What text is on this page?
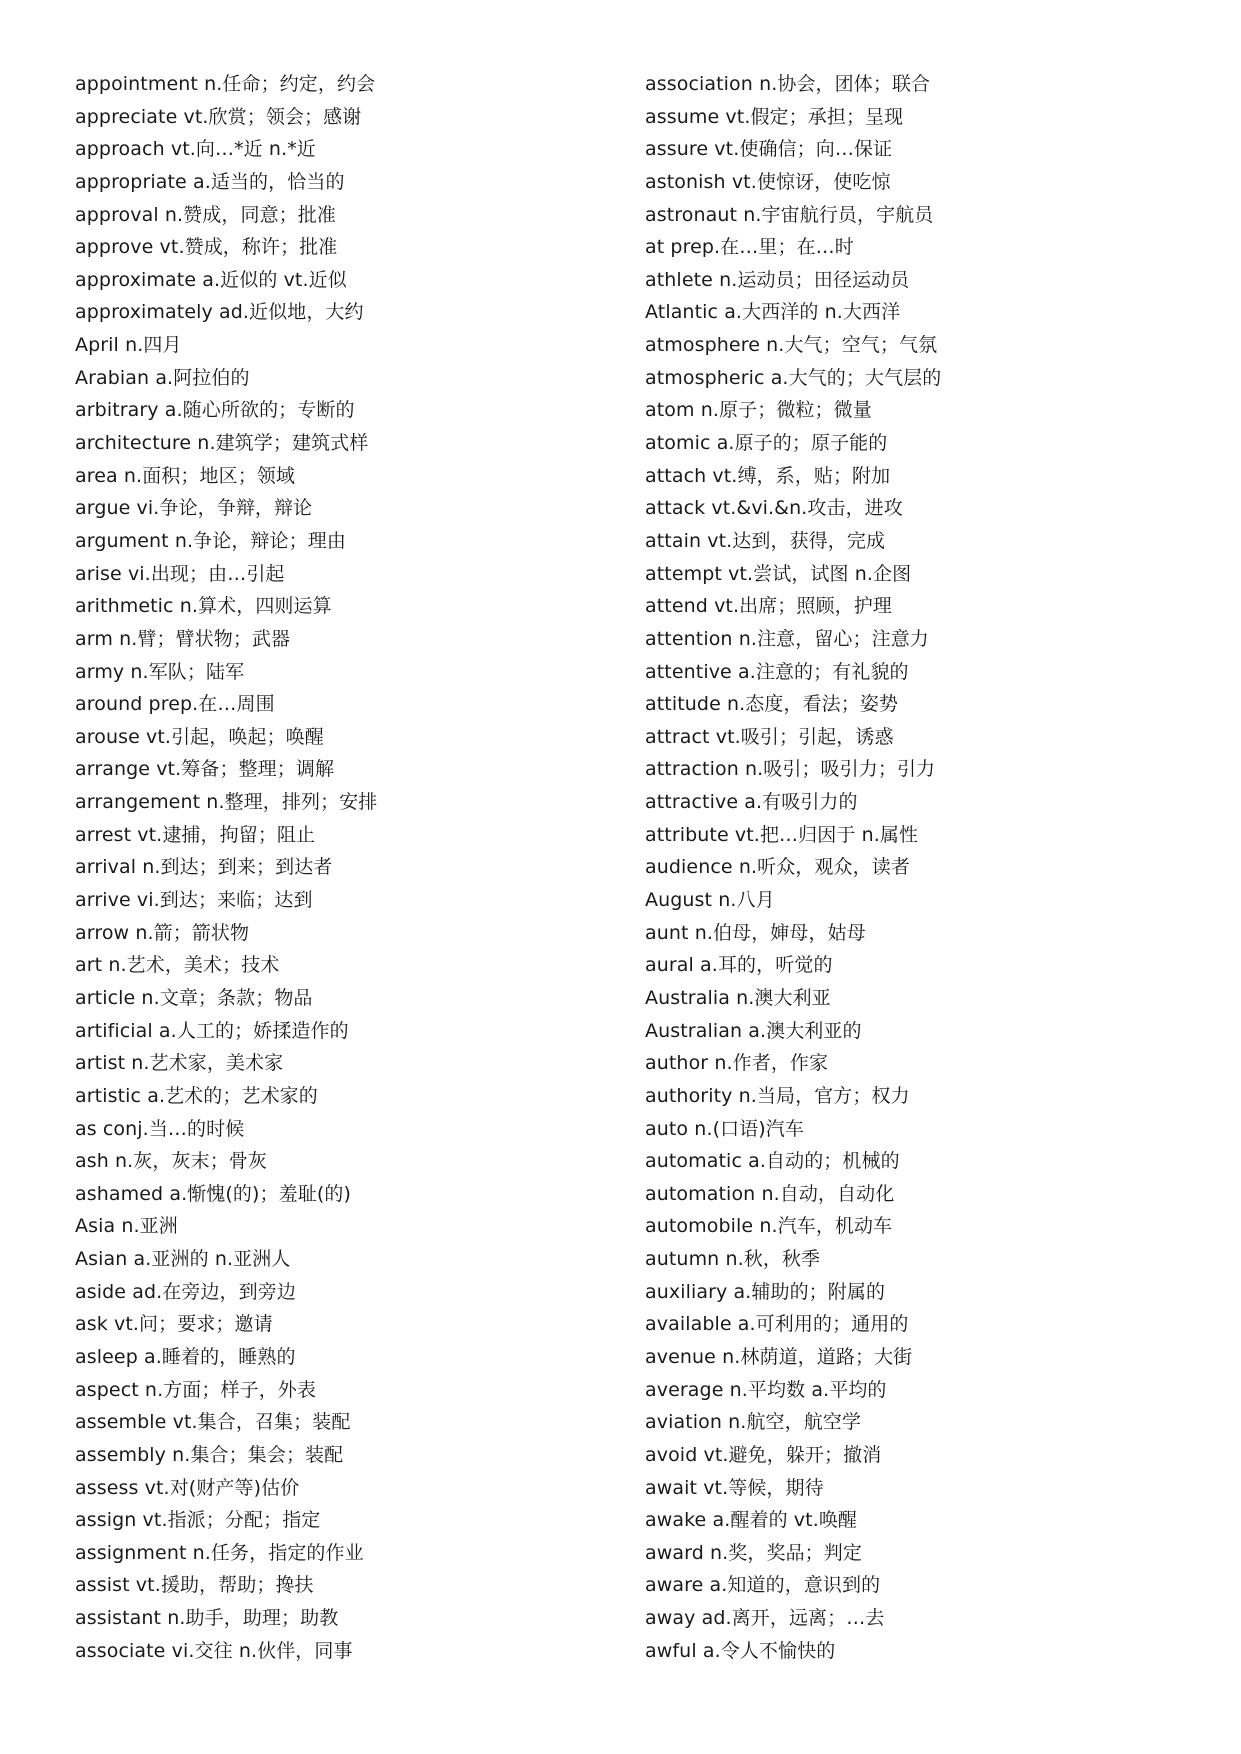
appointment n.任命；约定，约会
appreciate vt.欣赏；领会；感谢
approach vt.向…*近 n.*近
appropriate a.适当的，恰当的
approval n.赞成，同意；批准
approve vt.赞成，称许；批准
approximate a.近似的 vt.近似
approximately ad.近似地，大约
April n.四月
Arabian a.阿拉伯的
arbitrary a.随心所欲的；专断的
architecture n.建筑学；建筑式样
area n.面积；地区；领域
argue vi.争论，争辩，辩论
argument n.争论，辩论；理由
arise vi.出现；由…引起
arithmetic n.算术，四则运算
arm n.臂；臂状物；武器
army n.军队；陆军
around prep.在…周围
arouse vt.引起，唤起；唤醒
arrange vt.筹备；整理；调解
arrangement n.整理，排列；安排
arrest vt.逮捕，拘留；阻止
arrival n.到达；到来；到达者
arrive vi.到达；来临；达到
arrow n.箭；箭状物
art n.艺术，美术；技术
article n.文章；条款；物品
artificial a.人工的；娇揉造作的
artist n.艺术家，美术家
artistic a.艺术的；艺术家的
as conj.当…的时候
ash n.灰，灰末；骨灰
ashamed a.惭愧(的)；羞耻(的)
Asia n.亚洲
Asian a.亚洲的 n.亚洲人
aside ad.在旁边，到旁边
ask vt.问；要求；邀请
asleep a.睡着的，睡熟的
aspect n.方面；样子，外表
assemble vt.集合，召集；装配
assembly n.集合；集会；装配
assess vt.对(财产等)估价
assign vt.指派；分配；指定
assignment n.任务，指定的作业
assist vt.援助，帮助；搀扶
assistant n.助手，助理；助教
associate vi.交往 n.伙伴，同事
association n.协会，团体；联合
assume vt.假定；承担；呈现
assure vt.使确信；向…保证
astonish vt.使惊讶，使吃惊
astronaut n.宇宙航行员，宇航员
at prep.在…里；在…时
athlete n.运动员；田径运动员
Atlantic a.大西洋的 n.大西洋
atmosphere n.大气；空气；气氛
atmospheric a.大气的；大气层的
atom n.原子；微粒；微量
atomic a.原子的；原子能的
attach vt.缚，系，贴；附加
attack vt.&vi.&n.攻击，进攻
attain vt.达到，获得，完成
attempt vt.尝试，试图 n.企图
attend vt.出席；照顾，护理
attention n.注意，留心；注意力
attentive a.注意的；有礼貌的
attitude n.态度，看法；姿势
attract vt.吸引；引起，诱惑
attraction n.吸引；吸引力；引力
attractive a.有吸引力的
attribute vt.把…归因于 n.属性
audience n.听众，观众，读者
August n.八月
aunt n.伯母，婶母，姑母
aural a.耳的，听觉的
Australia n.澳大利亚
Australian a.澳大利亚的
author n.作者，作家
authority n.当局，官方；权力
auto n.(口语)汽车
automatic a.自动的；机械的
automation n.自动，自动化
automobile n.汽车，机动车
autumn n.秋，秋季
auxiliary a.辅助的；附属的
available a.可利用的；通用的
avenue n.林荫道，道路；大街
average n.平均数 a.平均的
aviation n.航空，航空学
avoid vt.避免，躲开；撤消
await vt.等候，期待
awake a.醒着的 vt.唤醒
award n.奖，奖品；判定
aware a.知道的，意识到的
away ad.离开，远离；…去
awful a.令人不愉快的
